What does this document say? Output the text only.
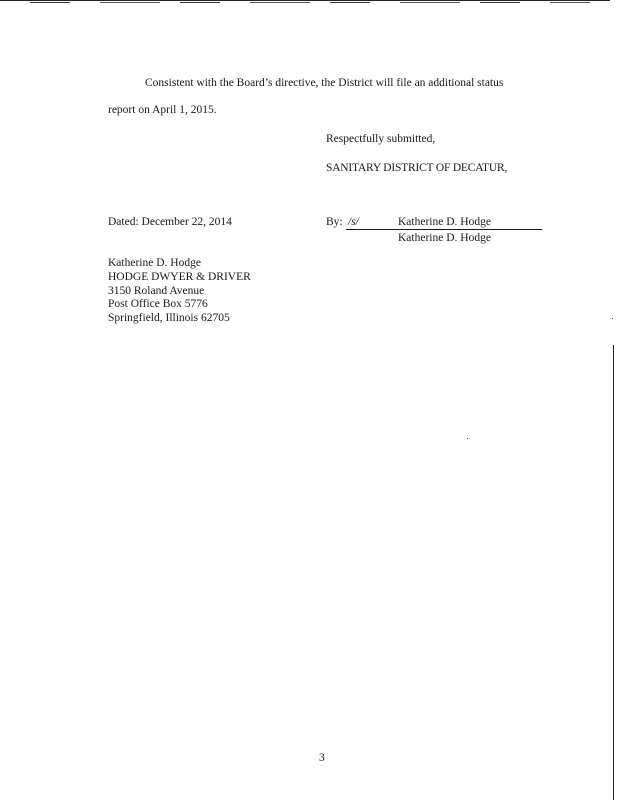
Consistent with the Board’s directive, the District will file an additional status
report on April 1, 2015.
Respectfully submitted,
SANITARY DISTRICT OF DECATUR,
Dated: December 22, 2014	By: /s/	Katherine D. Hodge
Katherine D. Hodge
Katherine D. Hodge
HODGE DWYER & DRIVER
3150 Roland Avenue
Post Office Box 5776
Springfield, Illinois 62705
3
